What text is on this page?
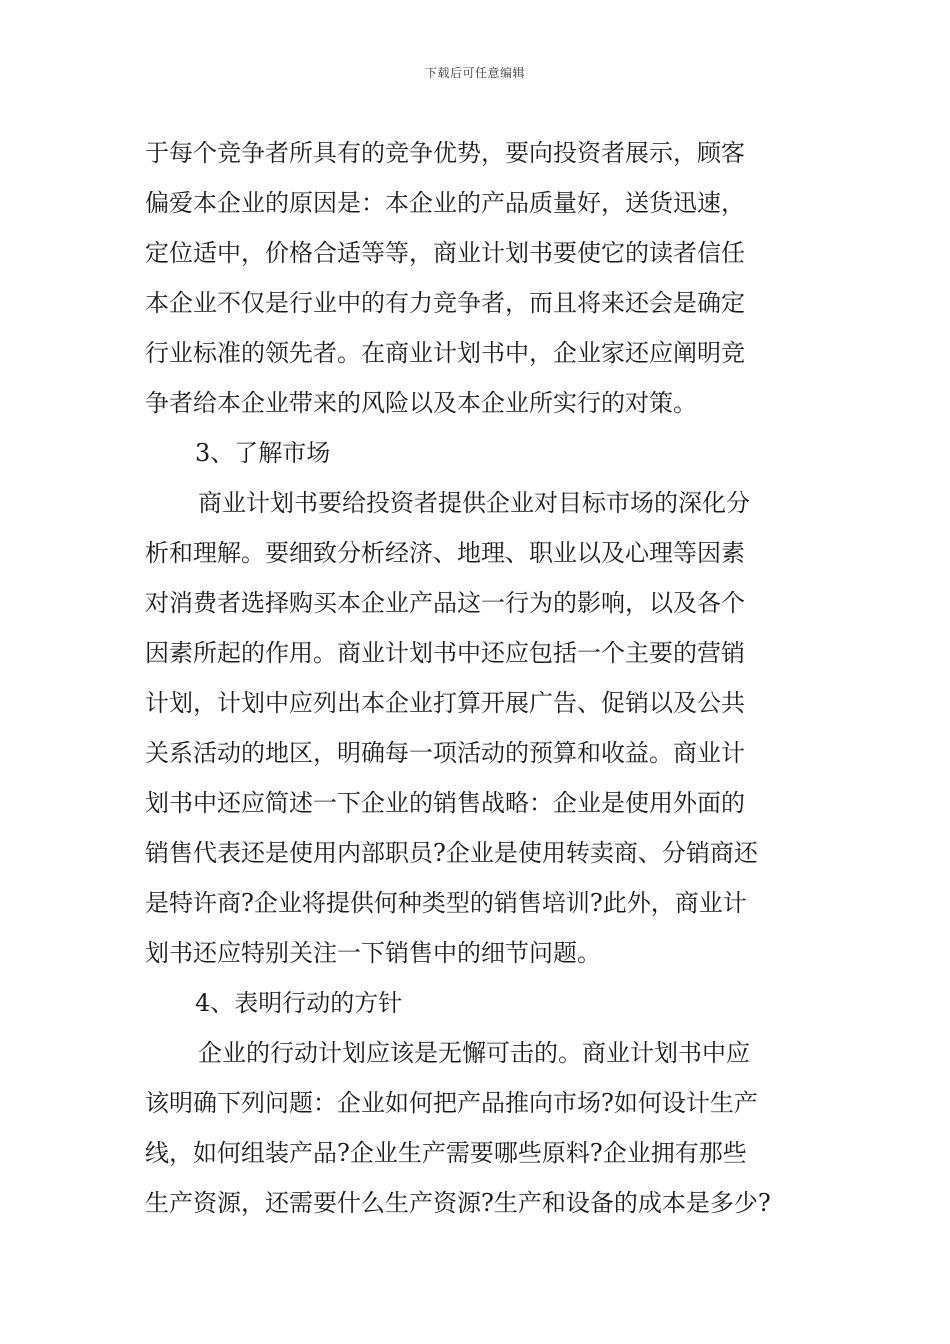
下载后可任意编辑
于每个竞争者所具有的竞争优势，要向投资者展示，顾客
偏爱本企业的原因是：本企业的产品质量好，送货迅速，
定位适中，价格合适等等，商业计划书要使它的读者信任
本企业不仅是行业中的有力竞争者，而且将来还会是确定
行业标准的领先者。在商业计划书中，企业家还应阐明竞
争者给本企业带来的风险以及本企业所实行的对策。
3、了解市场
商业计划书要给投资者提供企业对目标市场的深化分
析和理解。要细致分析经济、地理、职业以及心理等因素
对消费者选择购买本企业产品这一行为的影响，以及各个
因素所起的作用。商业计划书中还应包括一个主要的营销
计划，计划中应列出本企业打算开展广告、促销以及公共
关系活动的地区，明确每一项活动的预算和收益。商业计
划书中还应简述一下企业的销售战略：企业是使用外面的
销售代表还是使用内部职员?企业是使用转卖商、分销商还
是特许商?企业将提供何种类型的销售培训?此外，商业计
划书还应特别关注一下销售中的细节问题。
4、表明行动的方针
企业的行动计划应该是无懈可击的。商业计划书中应
该明确下列问题：企业如何把产品推向市场?如何设计生产
线，如何组装产品?企业生产需要哪些原料?企业拥有那些
生产资源，还需要什么生产资源?生产和设备的成本是多少?
